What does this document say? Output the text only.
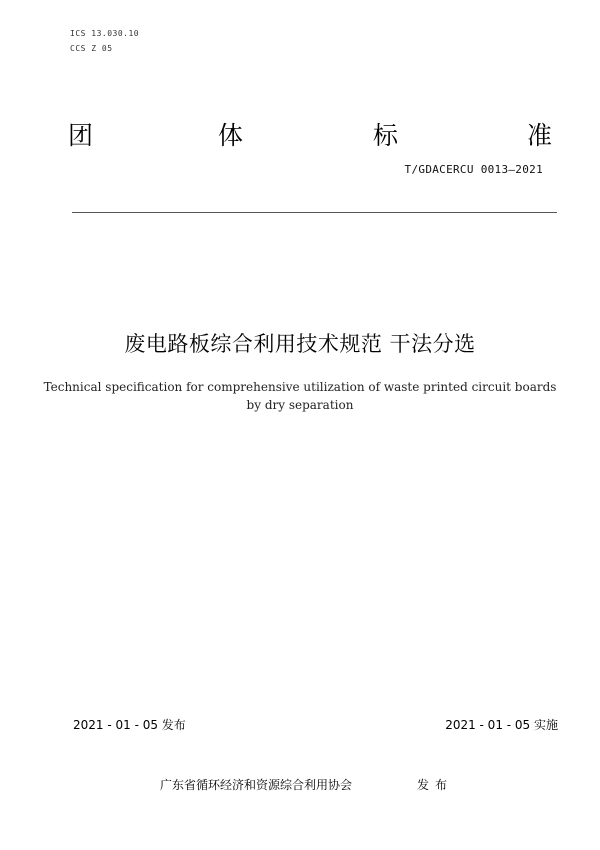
ICS 13.030.10
CCS Z 05
团	体	标	准
T/GDACERCU 0013—2021
废电路板综合利用技术规范 干法分选
Technical specification for comprehensive utilization of waste printed circuit boards
by dry separation
2021 - 01 - 05 发布	2021 - 01 - 05 实施
广东省循环经济和资源综合利用协会	发布
